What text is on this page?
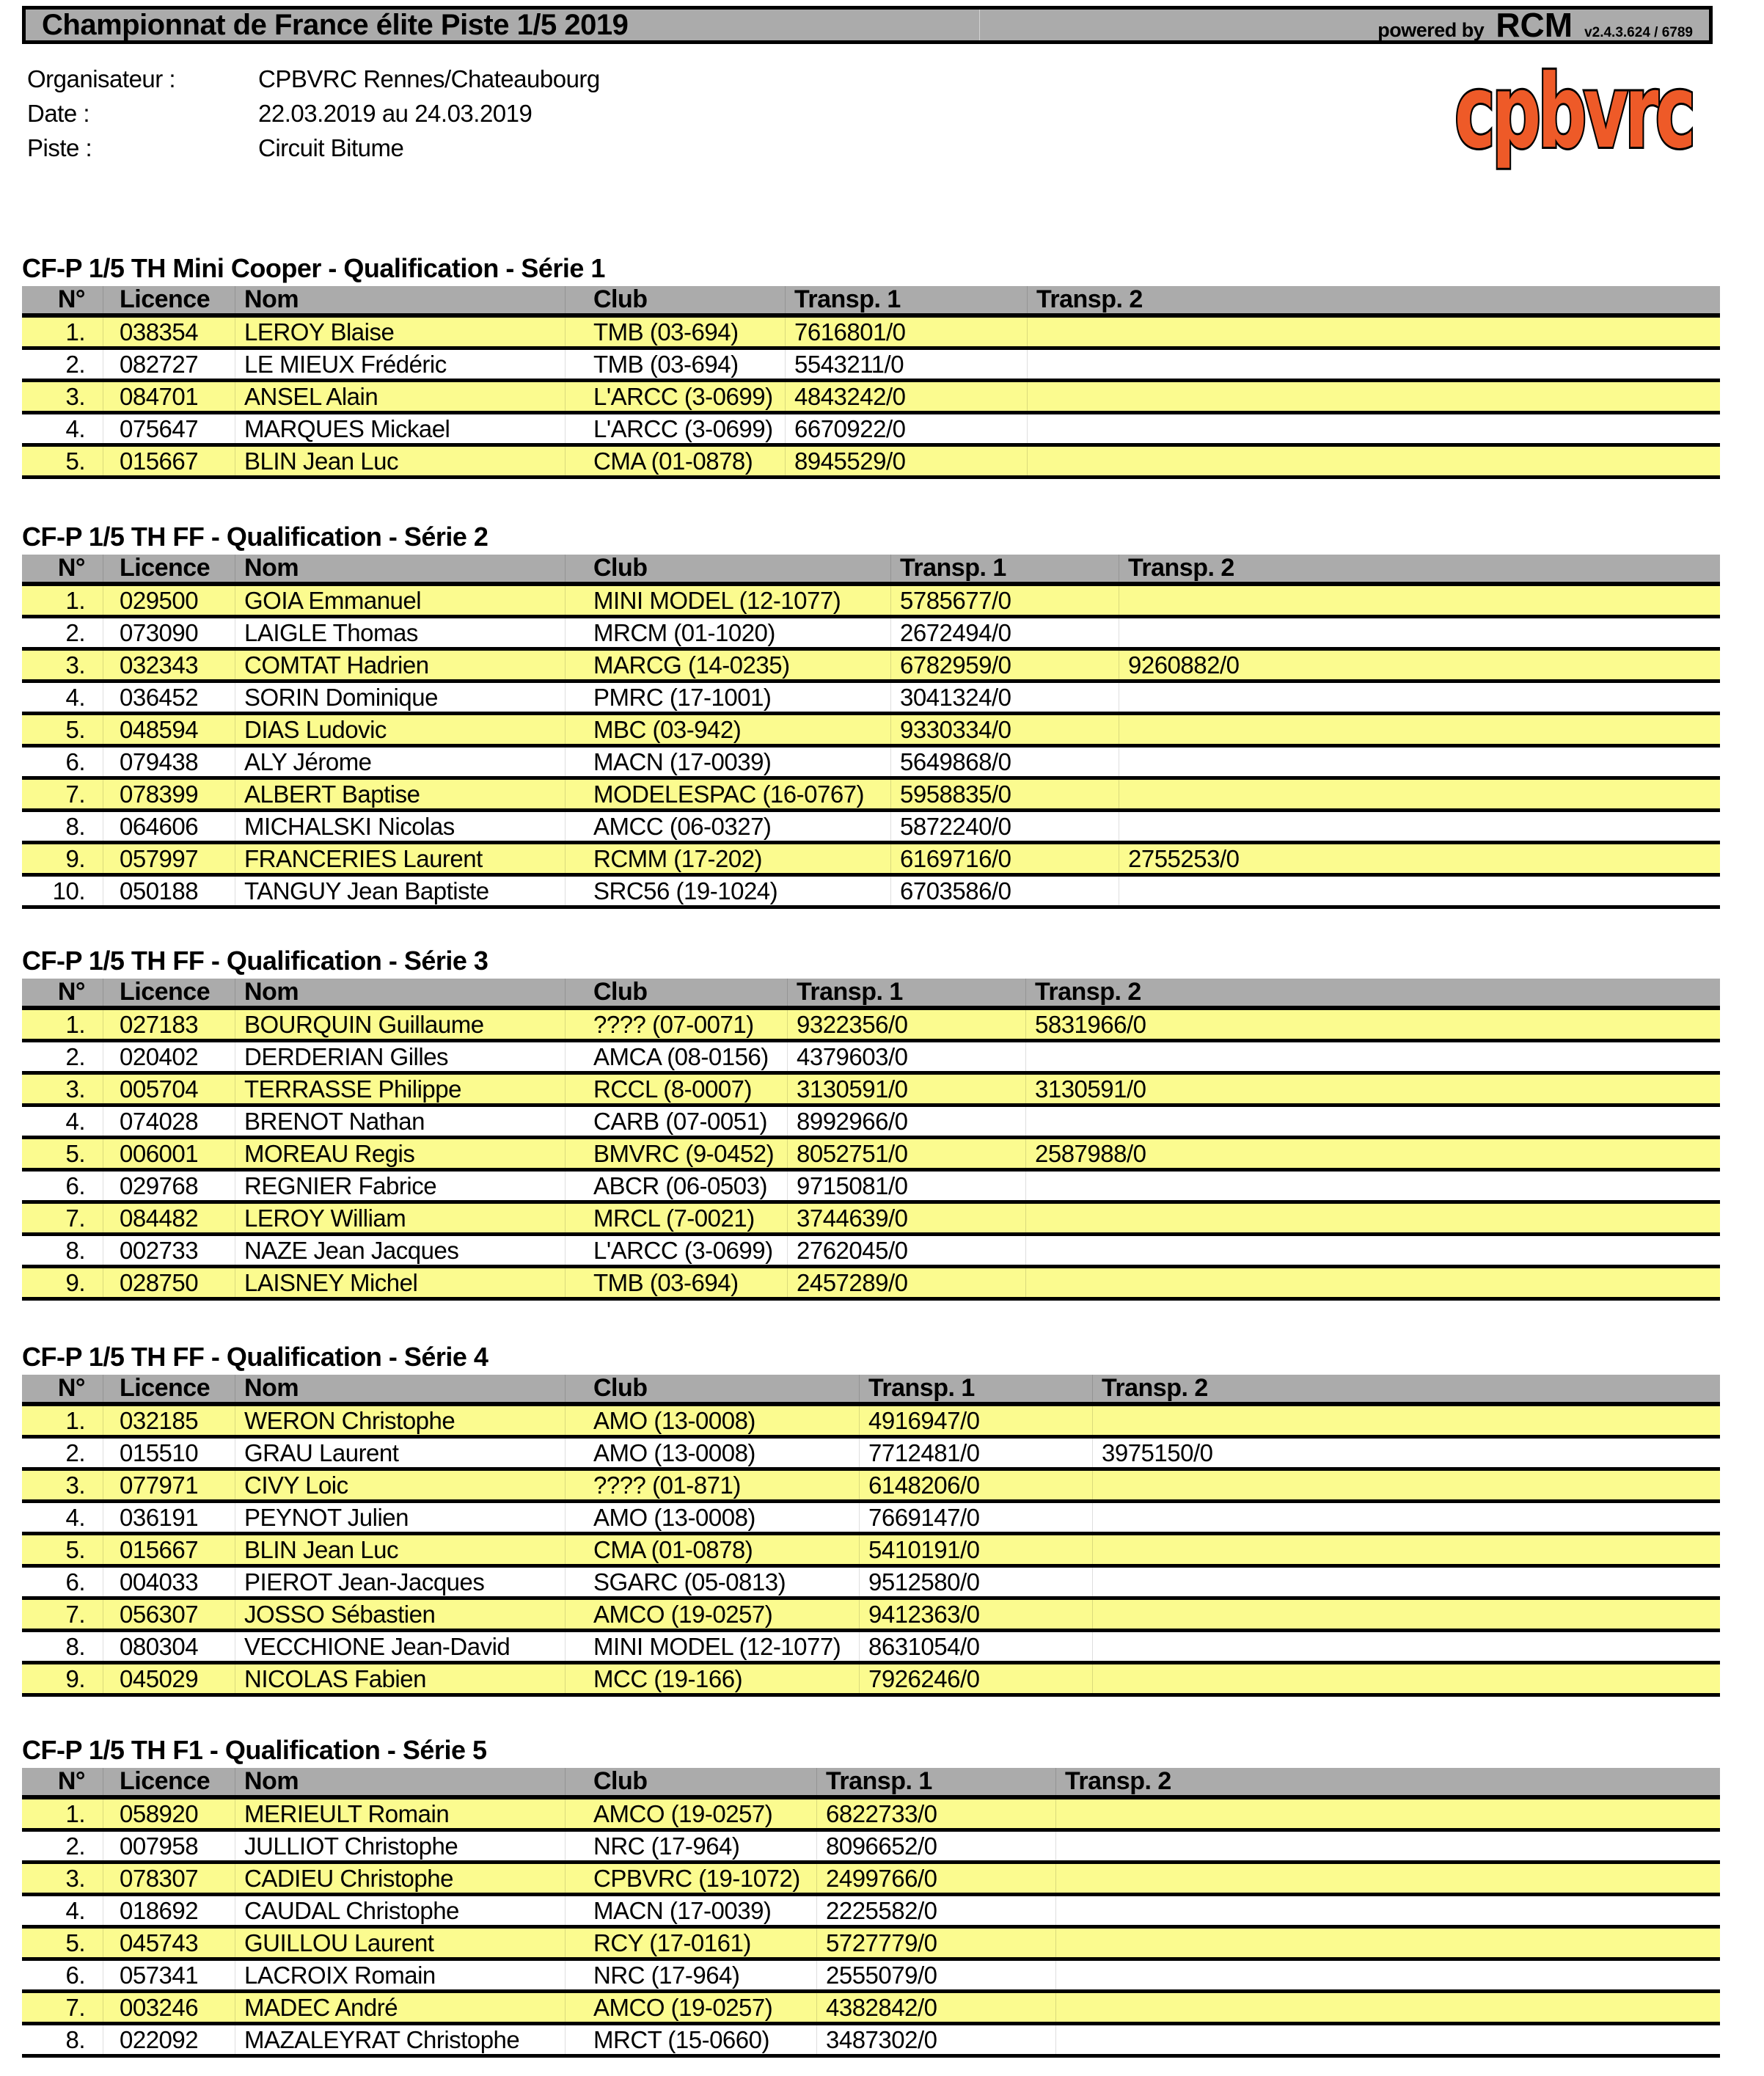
Championnat de France élite Piste 1/5 2019	powered by RCM v2.4.3.624 / 6789
Organisateur :	CPBVRC Rennes/Chateaubourg
Date :	22.03.2019 au 24.03.2019
Piste :	Circuit Bitume	cpbvrc
CF-P 1/5 TH Mini Cooper - Qualification - Série 1
N°	Licence	Nom	Club	Transp. 1	Transp. 2
1.	038354	LEROY Blaise	TMB (03-694)	7616801/0
2.	082727	LE MIEUX Frédéric	TMB (03-694)	5543211/0
3.	084701	ANSEL Alain	L'ARCC (3-0699) 4843242/0
4.	075647	MARQUES Mickael	L'ARCC (3-0699) 6670922/0
5.	015667	BLIN Jean Luc	CMA (01-0878)	8945529/0
CF-P 1/5 TH FF - Qualification - Série 2
N°	Licence	Nom	Club	Transp. 1	Transp. 2
1.	029500	GOIA Emmanuel	MINI MODEL (12-1077)	5785677/0
2.	073090	LAIGLE Thomas	MRCM (01-1020)	2672494/0
3.	032343	COMTAT Hadrien	MARCG (14-0235)	6782959/0	9260882/0
4.	036452	SORIN Dominique	PMRC (17-1001)	3041324/0
5.	048594	DIAS Ludovic	MBC (03-942)	9330334/0
6.	079438	ALY Jérome	MACN (17-0039)	5649868/0
7.	078399	ALBERT Baptise	MODELESPAC (16-0767)	5958835/0
8.	064606	MICHALSKI Nicolas	AMCC (06-0327)	5872240/0
9.	057997	FRANCERIES Laurent	RCMM (17-202)	6169716/0	2755253/0
10.	050188	TANGUY Jean Baptiste	SRC56 (19-1024)	6703586/0
CF-P 1/5 TH FF - Qualification - Série 3
N°	Licence	Nom	Club	Transp. 1	Transp. 2
1.	027183	BOURQUIN Guillaume	???? (07-0071)	9322356/0	5831966/0
2.	020402	DERDERIAN Gilles	AMCA (08-0156)	4379603/0
3.	005704	TERRASSE Philippe	RCCL (8-0007)	3130591/0	3130591/0
4.	074028	BRENOT Nathan	CARB (07-0051)	8992966/0
5.	006001	MOREAU Regis	BMVRC (9-0452) 8052751/0	2587988/0
6.	029768	REGNIER Fabrice	ABCR (06-0503)	9715081/0
7.	084482	LEROY William	MRCL (7-0021)	3744639/0
8.	002733	NAZE Jean Jacques	L'ARCC (3-0699) 2762045/0
9.	028750	LAISNEY Michel	TMB (03-694)	2457289/0
CF-P 1/5 TH FF - Qualification - Série 4
N°	Licence	Nom	Club	Transp. 1	Transp. 2
1.	032185	WERON Christophe	AMO (13-0008)	4916947/0
2.	015510	GRAU Laurent	AMO (13-0008)	7712481/0	3975150/0
3.	077971	CIVY Loic	???? (01-871)	6148206/0
4.	036191	PEYNOT Julien	AMO (13-0008)	7669147/0
5.	015667	BLIN Jean Luc	CMA (01-0878)	5410191/0
6.	004033	PIEROT Jean-Jacques	SGARC (05-0813)	9512580/0
7.	056307	JOSSO Sébastien	AMCO (19-0257)	9412363/0
8.	080304	VECCHIONE Jean-David	MINI MODEL (12-1077)	8631054/0
9.	045029	NICOLAS Fabien	MCC (19-166)	7926246/0
CF-P 1/5 TH F1 - Qualification - Série 5
N°	Licence	Nom	Club	Transp. 1	Transp. 2
1.	058920	MERIEULT Romain	AMCO (19-0257)	6822733/0
2.	007958	JULLIOT Christophe	NRC (17-964)	8096652/0
3.	078307	CADIEU Christophe	CPBVRC (19-1072)	2499766/0
4.	018692	CAUDAL Christophe	MACN (17-0039)	2225582/0
5.	045743	GUILLOU Laurent	RCY (17-0161)	5727779/0
6.	057341	LACROIX Romain	NRC (17-964)	2555079/0
7.	003246	MADEC André	AMCO (19-0257)	4382842/0
8.	022092	MAZALEYRAT Christophe	MRCT (15-0660)	3487302/0
